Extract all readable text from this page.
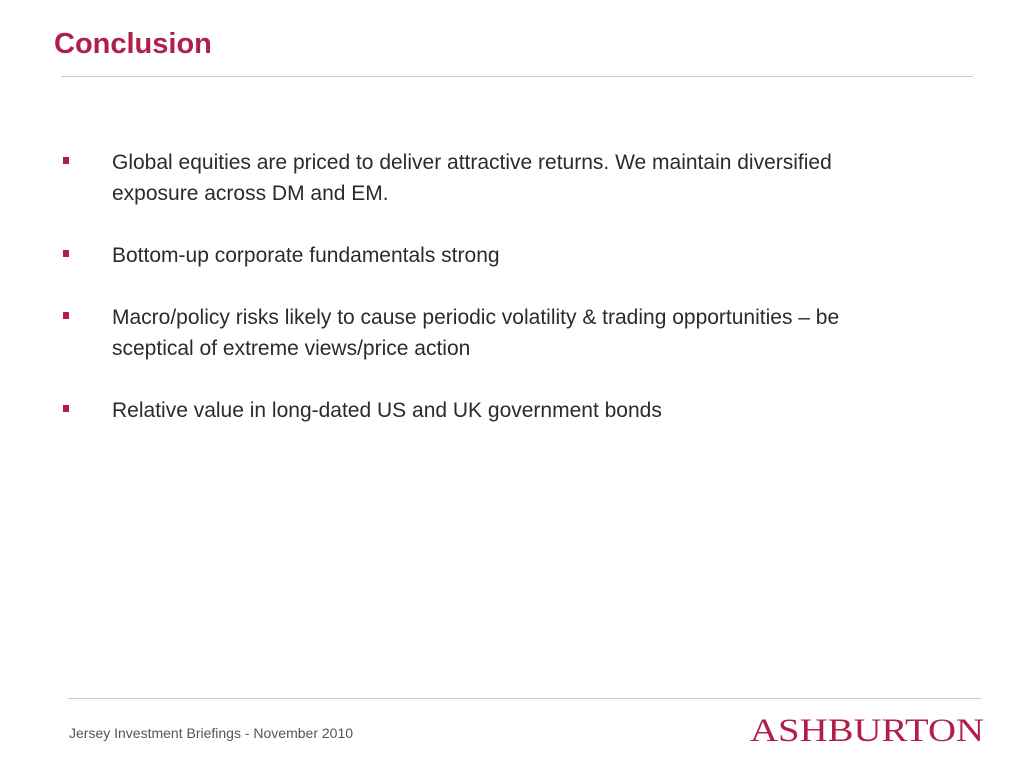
Conclusion
Global equities are priced to deliver attractive returns. We maintain diversified exposure across DM and EM.
Bottom-up corporate fundamentals strong
Macro/policy risks likely to cause periodic volatility & trading opportunities – be sceptical of extreme views/price action
Relative value in long-dated US and UK government bonds
Jersey Investment Briefings - November 2010	ASHBURTON
